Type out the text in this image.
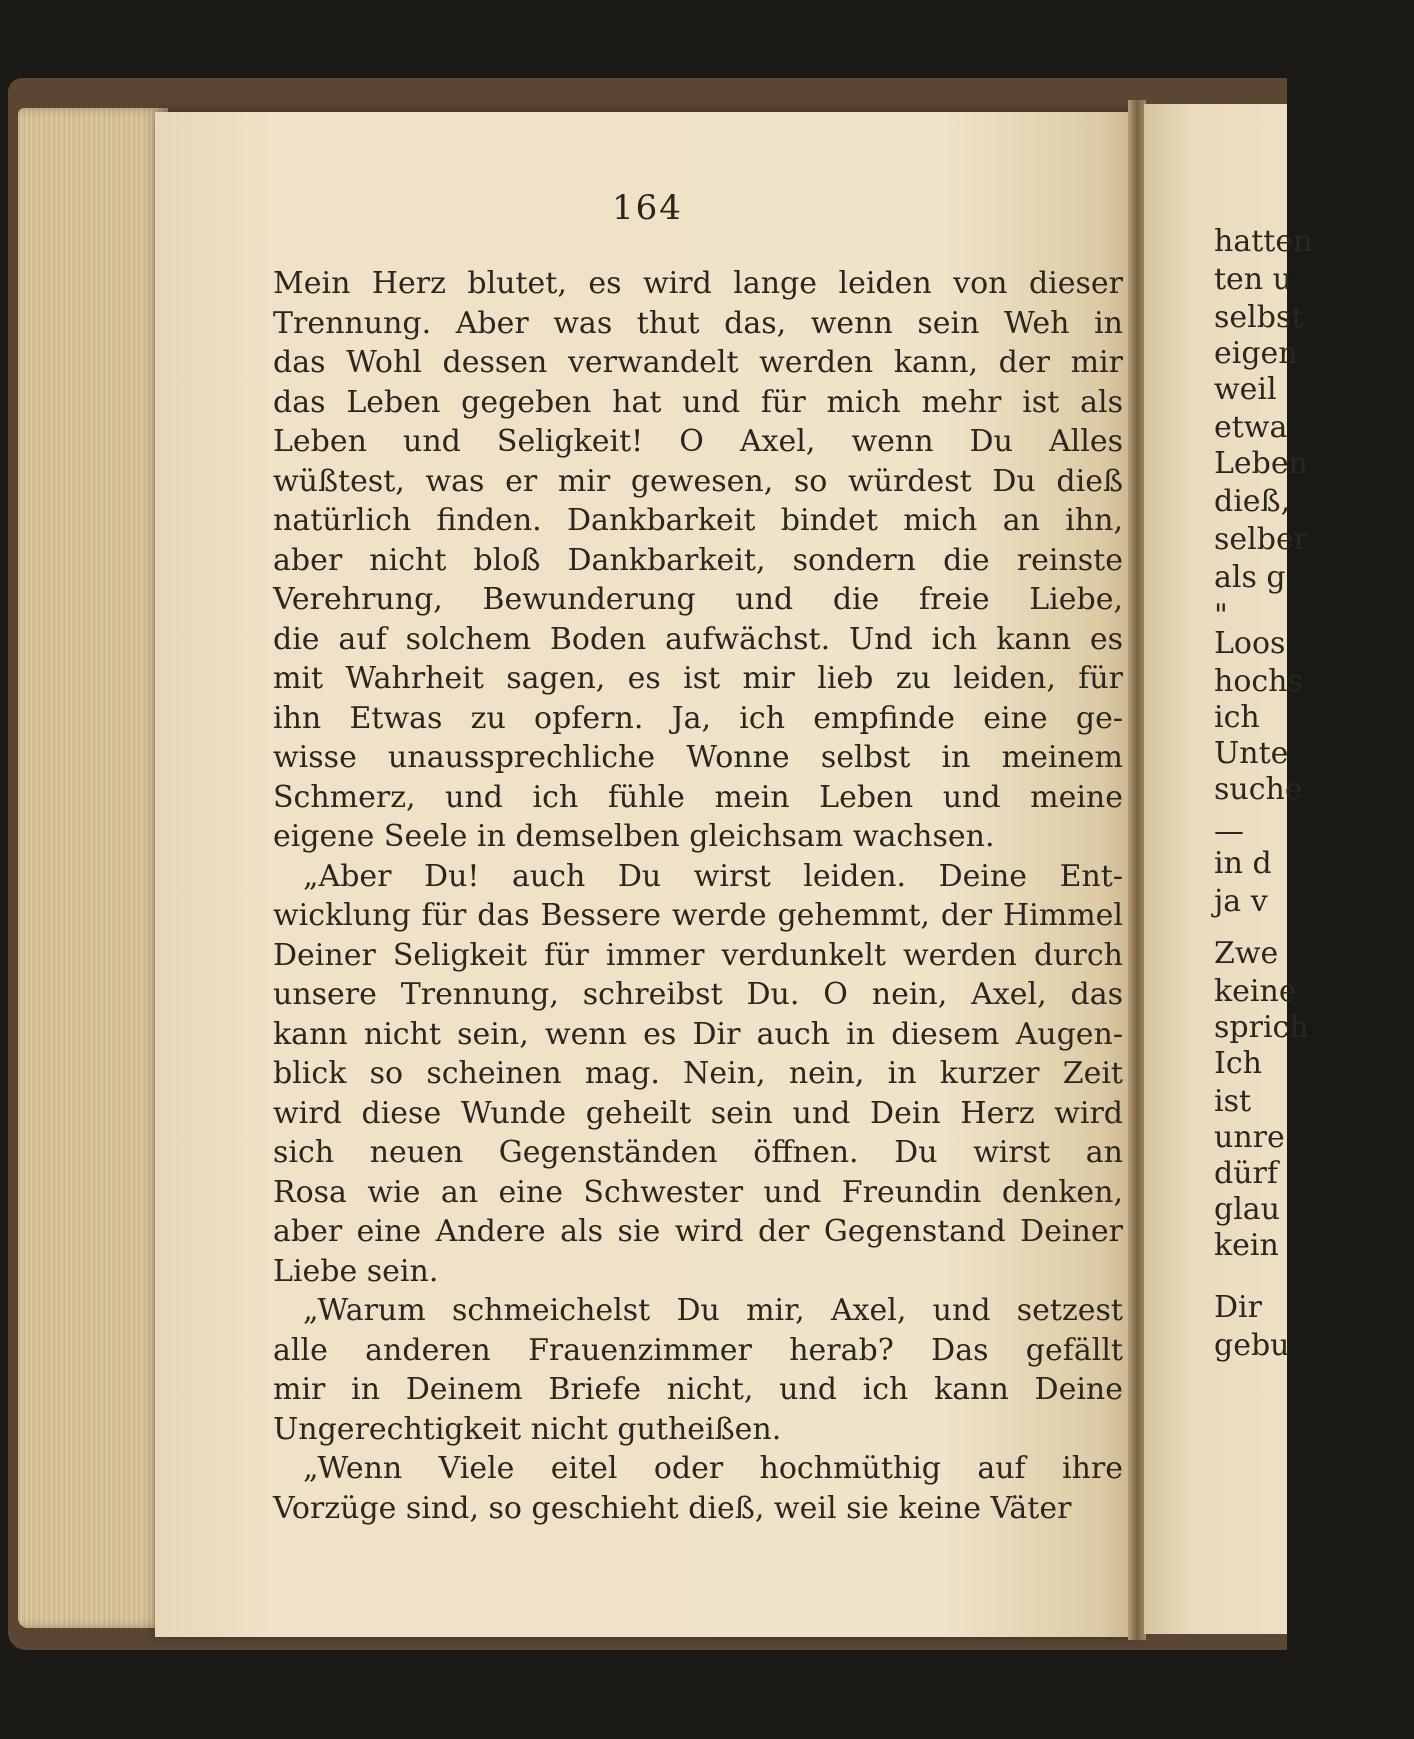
164
Mein Herz blutet, es wird lange leiden von dieser
Trennung. Aber was thut das, wenn sein Weh in
das Wohl dessen verwandelt werden kann, der mir
das Leben gegeben hat und für mich mehr ist als
Leben und Seligkeit! O Axel, wenn Du Alles
wüßtest, was er mir gewesen, so würdest Du dieß
natürlich finden. Dankbarkeit bindet mich an ihn,
aber nicht bloß Dankbarkeit, sondern die reinste
Verehrung, Bewunderung und die freie Liebe,
die auf solchem Boden aufwächst. Und ich kann es
mit Wahrheit sagen, es ist mir lieb zu leiden, für
ihn Etwas zu opfern. Ja, ich empfinde eine ge-
wisse unaussprechliche Wonne selbst in meinem
Schmerz, und ich fühle mein Leben und meine
eigene Seele in demselben gleichsam wachsen.
„Aber Du! auch Du wirst leiden. Deine Ent-
wicklung für das Bessere werde gehemmt, der Himmel
Deiner Seligkeit für immer verdunkelt werden durch
unsere Trennung, schreibst Du. O nein, Axel, das
kann nicht sein, wenn es Dir auch in diesem Augen-
blick so scheinen mag. Nein, nein, in kurzer Zeit
wird diese Wunde geheilt sein und Dein Herz wird
sich neuen Gegenständen öffnen. Du wirst an
Rosa wie an eine Schwester und Freundin denken,
aber eine Andere als sie wird der Gegenstand Deiner
Liebe sein.
„Warum schmeichelst Du mir, Axel, und setzest
alle anderen Frauenzimmer herab? Das gefällt
mir in Deinem Briefe nicht, und ich kann Deine
Ungerechtigkeit nicht gutheißen.
„Wenn Viele eitel oder hochmüthig auf ihre
Vorzüge sind, so geschieht dieß, weil sie keine Väter
hatten
ten u
selbst
eigen
weil
etwa
Leben
dieß,
selber
als g
"
Loos
hochs
ich
Unte
suche
—
in d
ja v
Zwe
keine
sprich
Ich
ist
unre
dürf
glau
kein
Dir
gebu
